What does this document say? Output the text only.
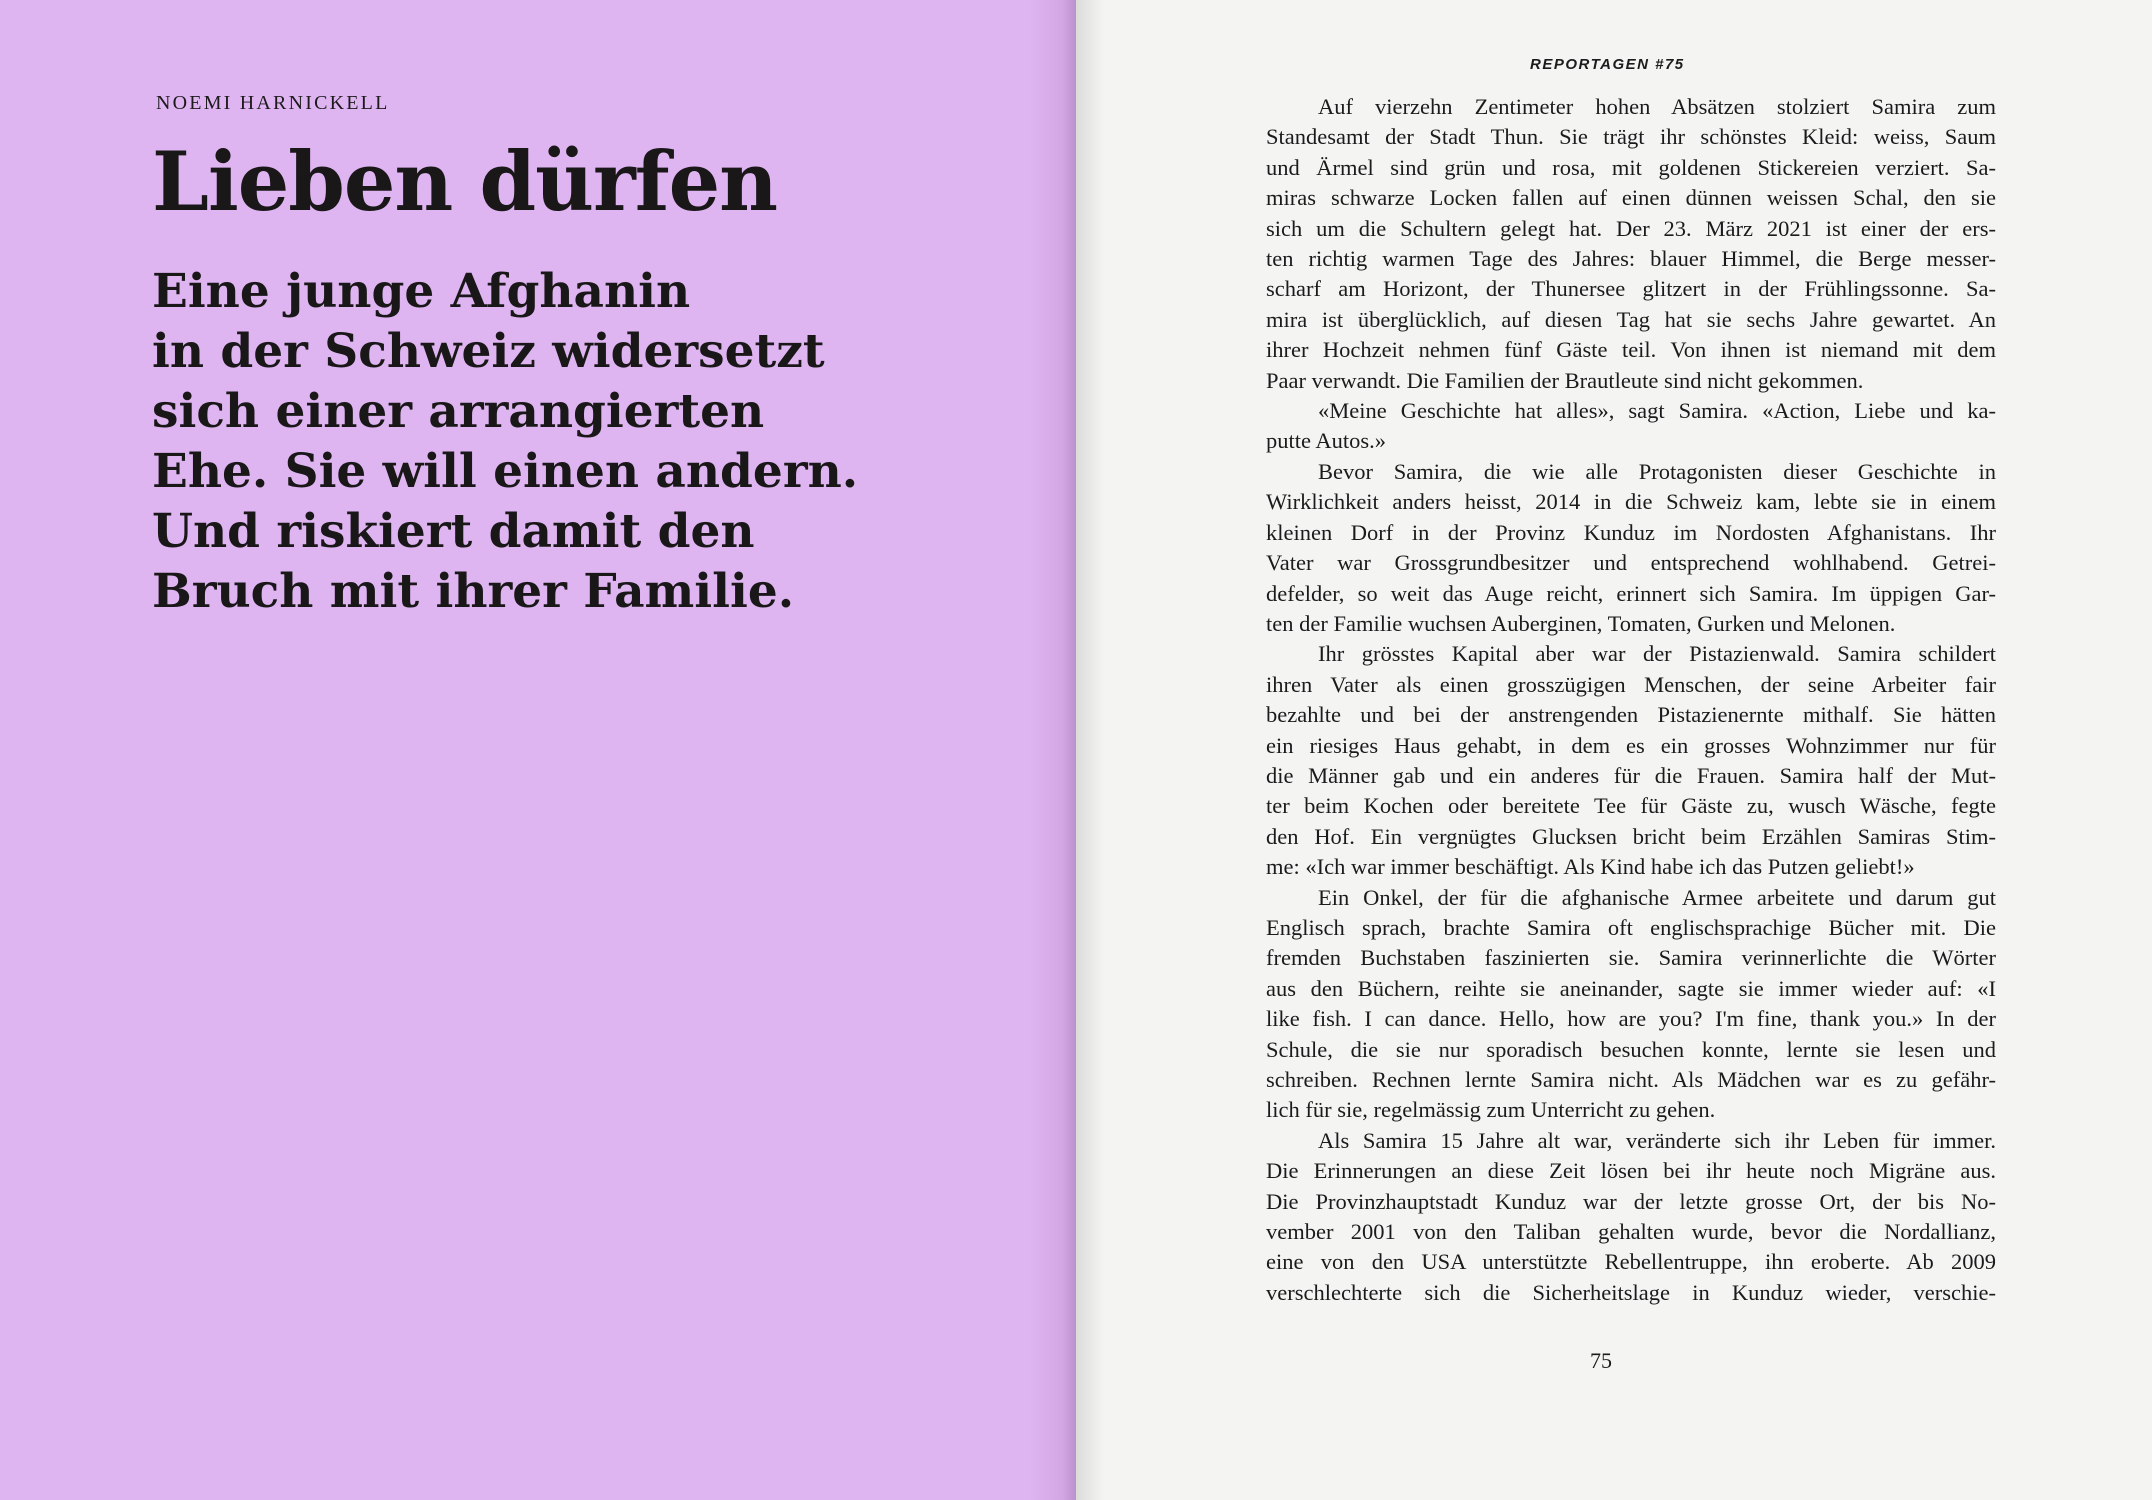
NOEMI HARNICKELL

Lieben dürfen
Eine junge Afghanin
in der Schweiz widersetzt
sich einer arrangierten
Ehe. Sie will einen andern.
Und riskiert damit den
Bruch mit ihrer Familie.

REPORTAGEN #75

Auf vierzehn Zentimeter hohen Absätzen stolziert Samira zum
Standesamt der Stadt Thun. Sie trägt ihr schönstes Kleid: weiss, Saum
und Ärmel sind grün und rosa, mit goldenen Stickereien verziert. Sa-
miras schwarze Locken fallen auf einen dünnen weissen Schal, den sie
sich um die Schultern gelegt hat. Der 23. März 2021 ist einer der ers-
ten richtig warmen Tage des Jahres: blauer Himmel, die Berge messer-
scharf am Horizont, der Thunersee glitzert in der Frühlingssonne. Sa-
mira ist überglücklich, auf diesen Tag hat sie sechs Jahre gewartet. An
ihrer Hochzeit nehmen fünf Gäste teil. Von ihnen ist niemand mit dem
Paar verwandt. Die Familien der Brautleute sind nicht gekommen.
«Meine Geschichte hat alles», sagt Samira. «Action, Liebe und ka-
putte Autos.»
Bevor Samira, die wie alle Protagonisten dieser Geschichte in
Wirklichkeit anders heisst, 2014 in die Schweiz kam, lebte sie in einem
kleinen Dorf in der Provinz Kunduz im Nordosten Afghanistans. Ihr
Vater war Grossgrundbesitzer und entsprechend wohlhabend. Getrei-
defelder, so weit das Auge reicht, erinnert sich Samira. Im üppigen Gar-
ten der Familie wuchsen Auberginen, Tomaten, Gurken und Melonen.
Ihr grösstes Kapital aber war der Pistazienwald. Samira schildert
ihren Vater als einen grosszügigen Menschen, der seine Arbeiter fair
bezahlte und bei der anstrengenden Pistazienernte mithalf. Sie hätten
ein riesiges Haus gehabt, in dem es ein grosses Wohnzimmer nur für
die Männer gab und ein anderes für die Frauen. Samira half der Mut-
ter beim Kochen oder bereitete Tee für Gäste zu, wusch Wäsche, fegte
den Hof. Ein vergnügtes Glucksen bricht beim Erzählen Samiras Stim-
me: «Ich war immer beschäftigt. Als Kind habe ich das Putzen geliebt!»
Ein Onkel, der für die afghanische Armee arbeitete und darum gut
Englisch sprach, brachte Samira oft englischsprachige Bücher mit. Die
fremden Buchstaben faszinierten sie. Samira verinnerlichte die Wörter
aus den Büchern, reihte sie aneinander, sagte sie immer wieder auf: «I
like fish. I can dance. Hello, how are you? I'm fine, thank you.» In der
Schule, die sie nur sporadisch besuchen konnte, lernte sie lesen und
schreiben. Rechnen lernte Samira nicht. Als Mädchen war es zu gefähr-
lich für sie, regelmässig zum Unterricht zu gehen.
Als Samira 15 Jahre alt war, veränderte sich ihr Leben für immer.
Die Erinnerungen an diese Zeit lösen bei ihr heute noch Migräne aus.
Die Provinzhauptstadt Kunduz war der letzte grosse Ort, der bis No-
vember 2001 von den Taliban gehalten wurde, bevor die Nordallianz,
eine von den USA unterstützte Rebellentruppe, ihn eroberte. Ab 2009
verschlechterte sich die Sicherheitslage in Kunduz wieder, verschie-

75
